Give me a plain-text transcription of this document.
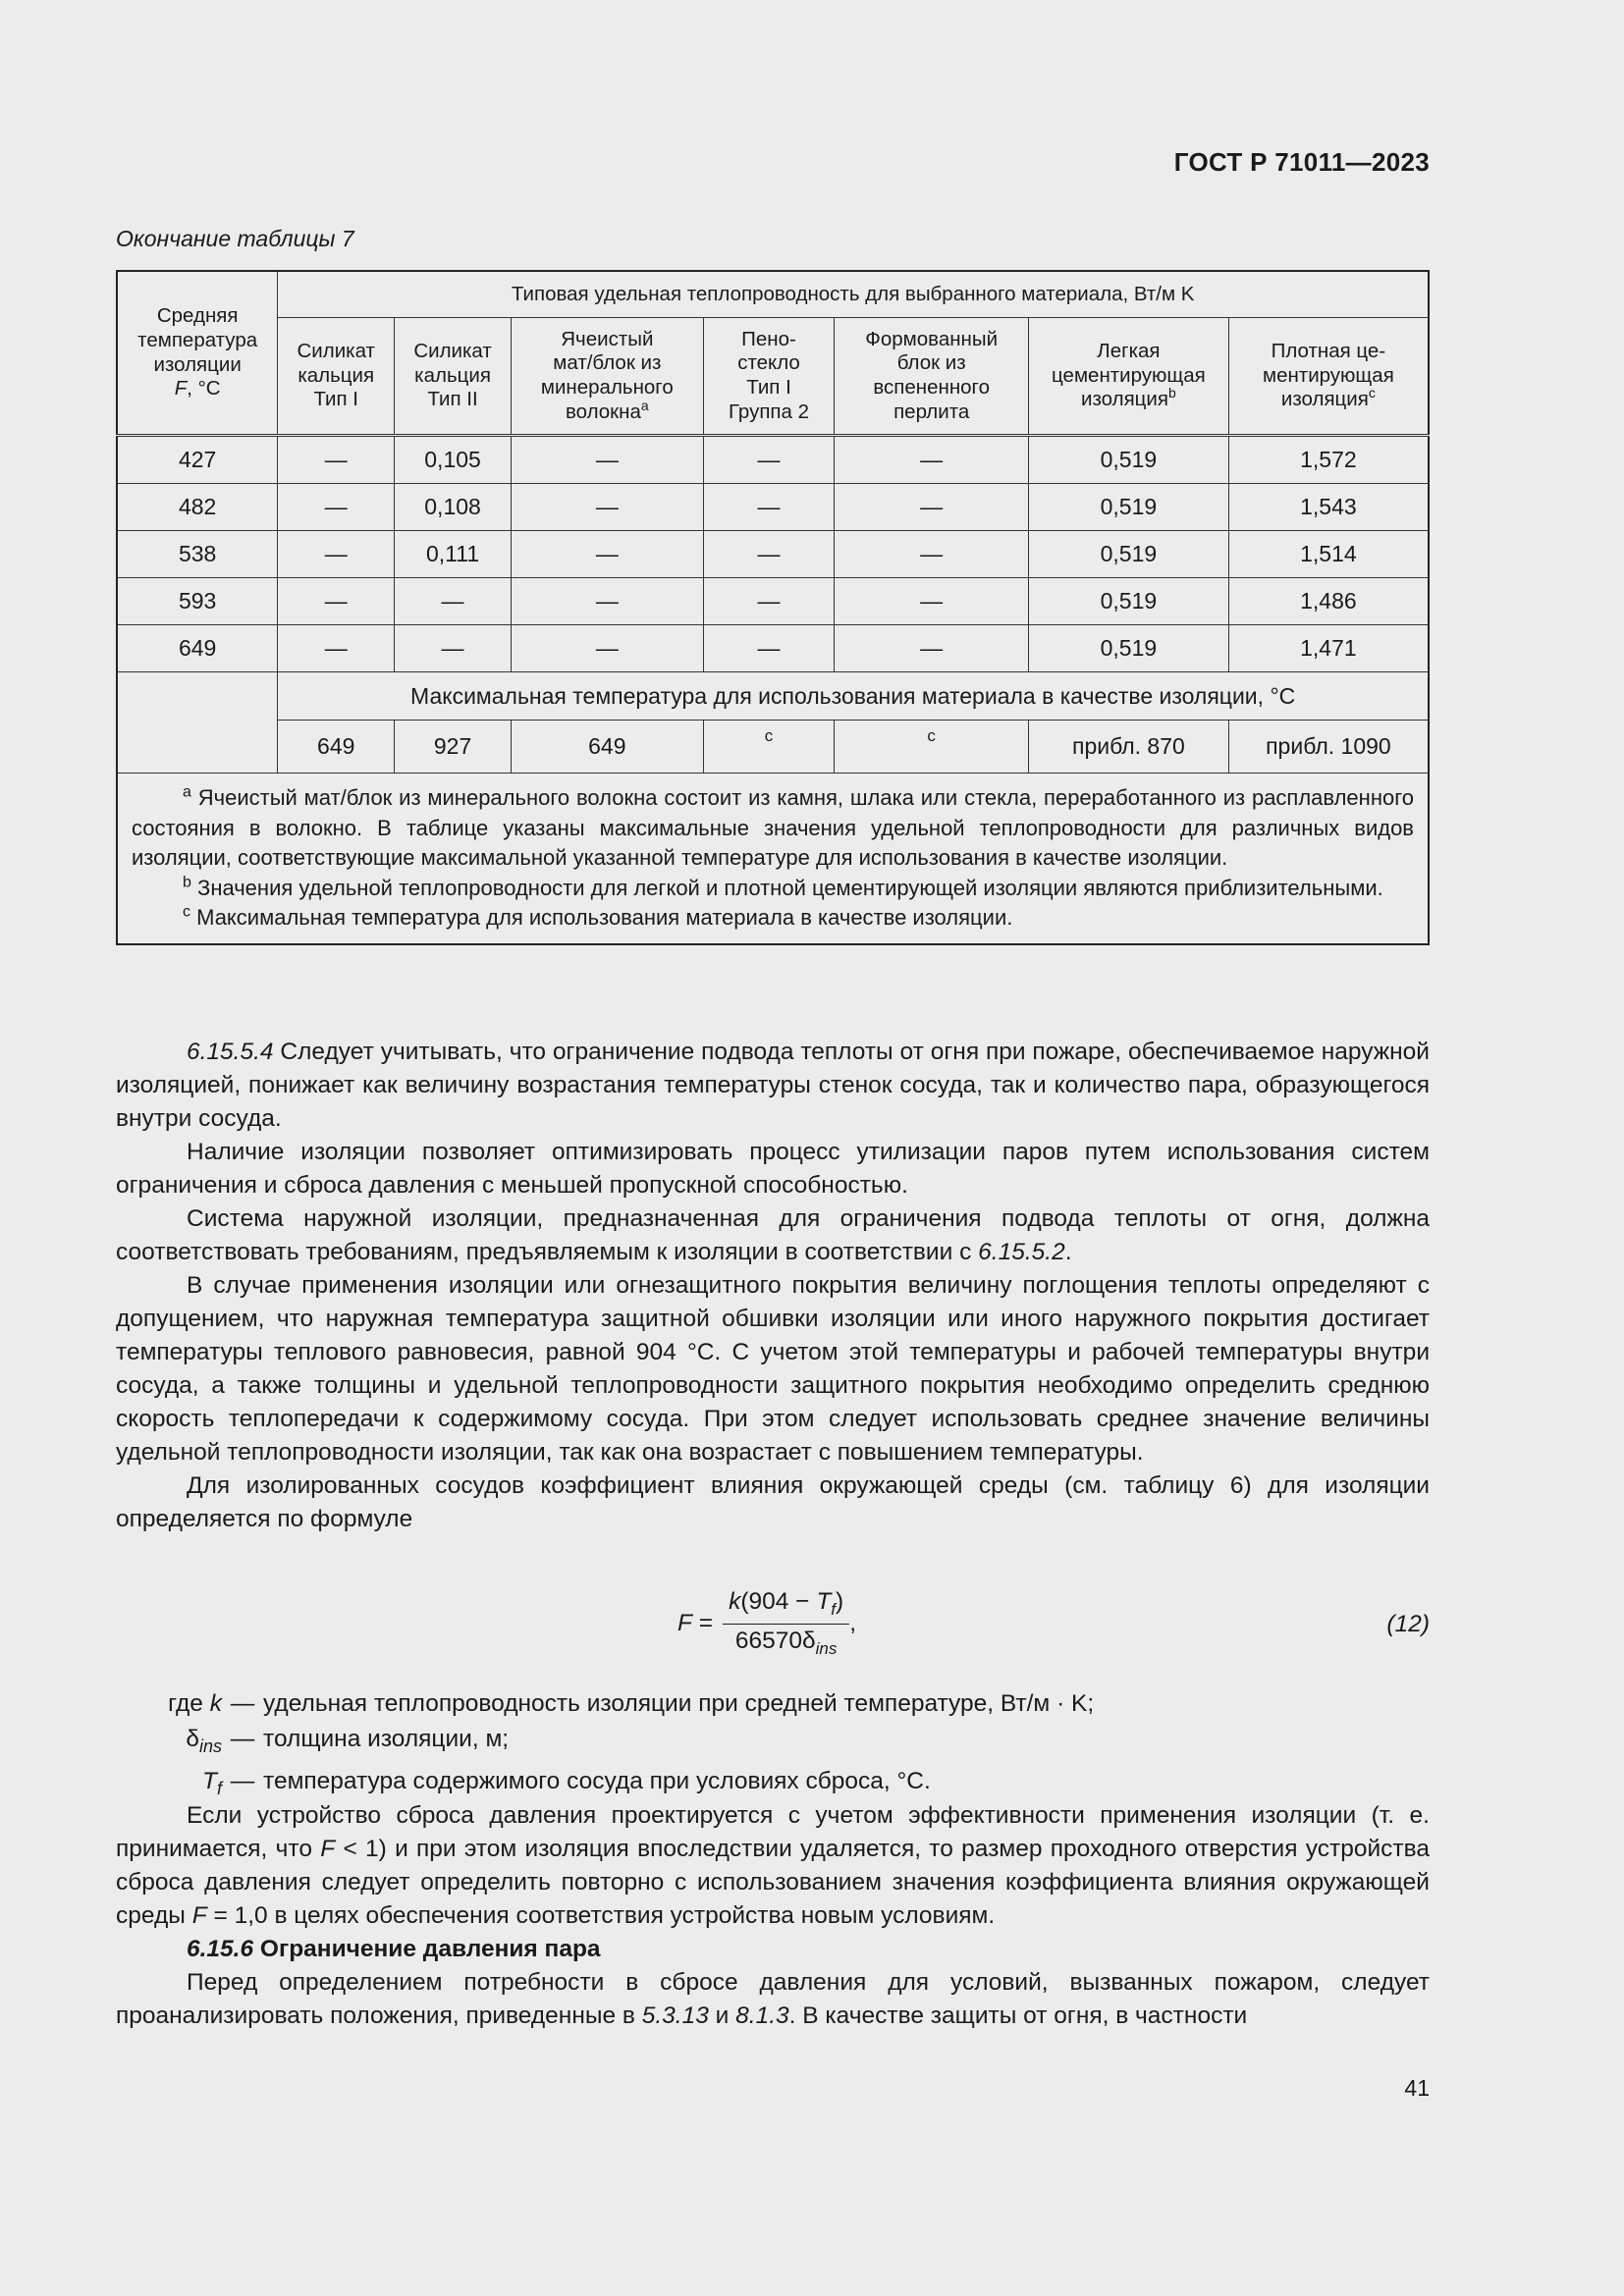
ГОСТ Р 71011—2023
Окончание таблицы 7
Средняя
температура
изоляции
F, °C	Типовая удельная теплопроводность для выбранного материала, Вт/м K						
	Силикат
кальция
Тип I	Силикат
кальция
Тип II	Ячеистый
мат/блок из
минерального
волокна$^a$	Пено-
стекло
Тип I
Группа 2	Формованный
блок из
вспененного
перлита	Легкая
цементирующая
изоляция$^b$	Плотная це-
ментирующая
изоляция$^c$
427	—	0,105	—	—	—	0,519	1,572
482	—	0,108	—	—	—	0,519	1,543
538	—	0,111	—	—	—	0,519	1,514
593	—	—	—	—	—	0,519	1,486
649	—	—	—	—	—	0,519	1,471
	Максимальная температура для использования материала в качестве изоляции, °C						
	649	927	649	c	c	прибл. 870	прибл. 1090

$^a$ Ячеистый мат/блок из минерального волокна состоит из камня, шлака или стекла, переработанного из расплавленного состояния в волокно. В таблице указаны максимальные значения удельной теплопроводности для различных видов изоляции, соответствующие максимальной указанной температуре для использования в качестве изоляции.
$^b$ Значения удельной теплопроводности для легкой и плотной цементирующей изоляции являются приблизительными.
$^c$ Максимальная температура для использования материала в качестве изоляции.							

6.15.5.4 Следует учитывать, что ограничение подвода теплоты от огня при пожаре, обеспечиваемое наружной изоляцией, понижает как величину возрастания температуры стенок сосуда, так и количество пара, образующегося внутри сосуда.

Наличие изоляции позволяет оптимизировать процесс утилизации паров путем использования систем ограничения и сброса давления с меньшей пропускной способностью.

Система наружной изоляции, предназначенная для ограничения подвода теплоты от огня, должна соответствовать требованиям, предъявляемым к изоляции в соответствии с 6.15.5.2.

В случае применения изоляции или огнезащитного покрытия величину поглощения теплоты определяют с допущением, что наружная температура защитной обшивки изоляции или иного наружного покрытия достигает температуры теплового равновесия, равной 904 °C. С учетом этой температуры и рабочей температуры внутри сосуда, а также толщины и удельной теплопроводности защитного покрытия необходимо определить среднюю скорость теплопередачи к содержимому сосуда. При этом следует использовать среднее значение величины удельной теплопроводности изоляции, так как она возрастает с повышением температуры.

Для изолированных сосудов коэффициент влияния окружающей среды (см. таблицу 6) для изоляции определяется по формуле

F
= $\frac{k(904 - T_f)}{66570\delta_{ins}}$ ,	(12)
где k — удельная теплопроводность изоляции при средней температуре, Вт/м · K;
$\delta_{ins}$ — толщина изоляции, м;
$T_f$ — температура содержимого сосуда при условиях сброса, °C.

Если устройство сброса давления проектируется с учетом эффективности применения изоляции (т. е. принимается, что F < 1) и при этом изоляция впоследствии удаляется, то размер проходного отверстия устройства сброса давления следует определить повторно с использованием значения коэффициента влияния окружающей среды F = 1,0 в целях обеспечения соответствия устройства новым условиям.

6.15.6 Ограничение давления пара

Перед определением потребности в сбросе давления для условий, вызванных пожаром, следует проанализировать положения, приведенные в 5.3.13 и 8.1.3. В качестве защиты от огня, в частности

41
